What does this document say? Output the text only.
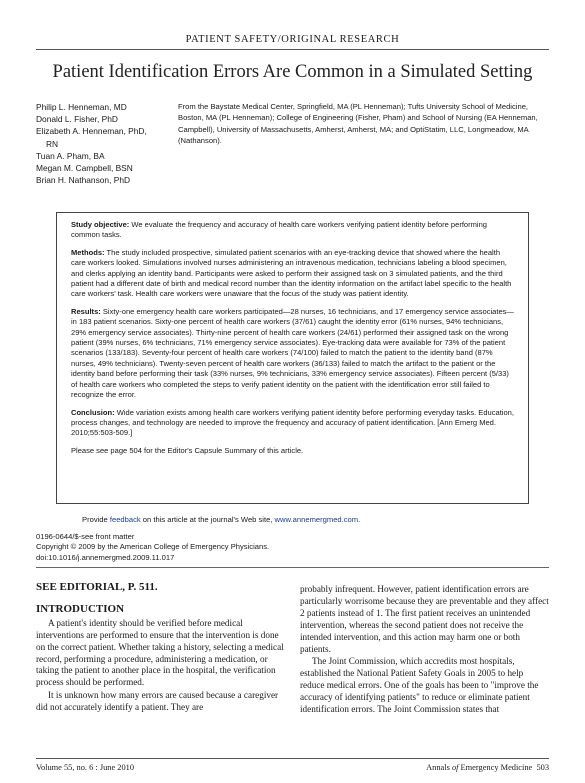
PATIENT SAFETY/ORIGINAL RESEARCH
Patient Identification Errors Are Common in a Simulated Setting
Philip L. Henneman, MD
Donald L. Fisher, PhD
Elizabeth A. Henneman, PhD,
RN
Tuan A. Pham, BA
Megan M. Campbell, BSN
Brian H. Nathanson, PhD
From the Baystate Medical Center, Springfield, MA (PL Henneman); Tufts University School of Medicine, Boston, MA (PL Henneman); College of Engineering (Fisher, Pham) and School of Nursing (EA Henneman, Campbell), University of Massachusetts, Amherst, Amherst, MA; and OptiStatim, LLC, Longmeadow, MA (Nathanson).

Study objective: We evaluate the frequency and accuracy of health care workers verifying patient identity before performing common tasks.

Methods: The study included prospective, simulated patient scenarios with an eye-tracking device that showed where the health care workers looked. Simulations involved nurses administering an intravenous medication, technicians labeling a blood specimen, and clerks applying an identity band. Participants were asked to perform their assigned task on 3 simulated patients, and the third patient had a different date of birth and medical record number than the identity information on the artifact label specific to the health care workers' task. Health care workers were unaware that the focus of the study was patient identity.

Results: Sixty-one emergency health care workers participated—28 nurses, 16 technicians, and 17 emergency service associates—in 183 patient scenarios. Sixty-one percent of health care workers (37/61) caught the identity error (61% nurses, 94% technicians, 29% emergency service associates). Thirty-nine percent of health care workers (24/61) performed their assigned task on the wrong patient (39% nurses, 6% technicians, 71% emergency service associates). Eye-tracking data were available for 73% of the patient scenarios (133/183). Seventy-four percent of health care workers (74/100) failed to match the patient to the identity band (87% nurses, 49% technicians). Twenty-seven percent of health care workers (36/133) failed to match the artifact to the patient or the identity band before performing their task (33% nurses, 9% technicians, 33% emergency service associates). Fifteen percent (5/33) of health care workers who completed the steps to verify patient identity on the patient with the identification error still failed to recognize the error.

Conclusion: Wide variation exists among health care workers verifying patient identity before performing everyday tasks. Education, process changes, and technology are needed to improve the frequency and accuracy of patient identification. [Ann Emerg Med. 2010;55:503-509.]

Please see page 504 for the Editor's Capsule Summary of this article.

Provide feedback on this article at the journal's Web site, www.annemergmed.com.
0196-0644/$-see front matter
Copyright © 2009 by the American College of Emergency Physicians.
doi:10.1016/j.annemergmed.2009.11.017
SEE EDITORIAL, P. 511.
INTRODUCTION

A patient's identity should be verified before medical interventions are performed to ensure that the intervention is done on the correct patient. Whether taking a history, selecting a medical record, performing a procedure, administering a medication, or taking the patient to another place in the hospital, the verification process should be performed.

It is unknown how many errors are caused because a caregiver did not accurately identify a patient. They are

probably infrequent. However, patient identification errors are particularly worrisome because they are preventable and they affect 2 patients instead of 1. The first patient receives an unintended intervention, whereas the second patient does not receive the intended intervention, and this action may harm one or both patients.

The Joint Commission, which accredits most hospitals, established the National Patient Safety Goals in 2005 to help reduce medical errors. One of the goals has been to "improve the accuracy of identifying patients" to reduce or eliminate patient identification errors. The Joint Commission states that

Volume 55, no. 6 : June 2010	Annals of Emergency Medicine 503
